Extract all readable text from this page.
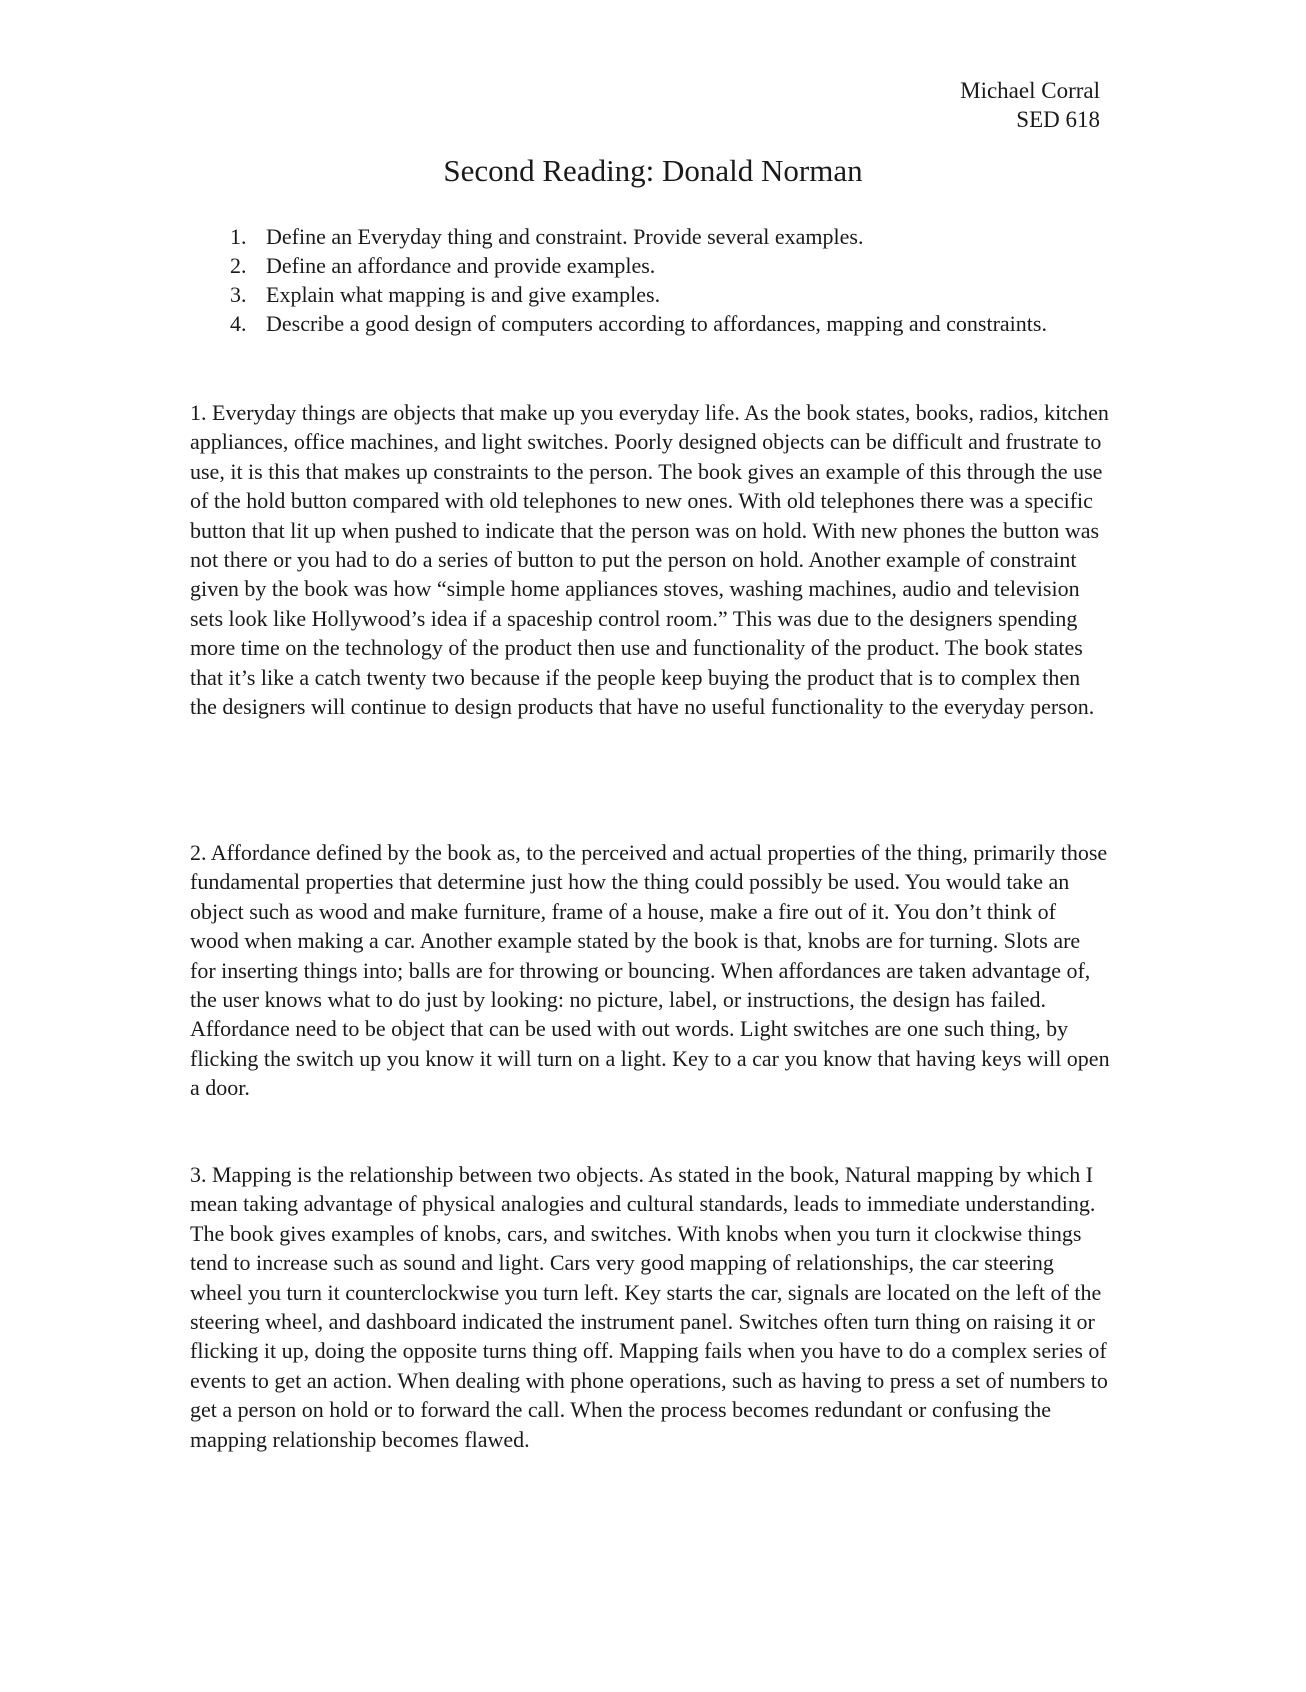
Michael Corral
SED 618
Second Reading: Donald Norman
1. Define an Everyday thing and constraint. Provide several examples.
2. Define an affordance and provide examples.
3. Explain what mapping is and give examples.
4. Describe a good design of computers according to affordances, mapping and constraints.

1. Everyday things are objects that make up you everyday life. As the book states, books, radios, kitchen appliances, office machines, and light switches. Poorly designed objects can be difficult and frustrate to use, it is this that makes up constraints to the person. The book gives an example of this through the use of the hold button compared with old telephones to new ones. With old telephones there was a specific button that lit up when pushed to indicate that the person was on hold. With new phones the button was not there or you had to do a series of button to put the person on hold. Another example of constraint given by the book was how “simple home appliances stoves, washing machines, audio and television sets look like Hollywood’s idea if a spaceship control room.” This was due to the designers spending more time on the technology of the product then use and functionality of the product. The book states that it’s like a catch twenty two because if the people keep buying the product that is to complex then the designers will continue to design products that have no useful functionality to the everyday person.

2. Affordance defined by the book as, to the perceived and actual properties of the thing, primarily those fundamental properties that determine just how the thing could possibly be used. You would take an object such as wood and make furniture, frame of a house, make a fire out of it. You don’t think of wood when making a car. Another example stated by the book is that, knobs are for turning. Slots are for inserting things into; balls are for throwing or bouncing. When affordances are taken advantage of, the user knows what to do just by looking: no picture, label, or instructions, the design has failed. Affordance need to be object that can be used with out words. Light switches are one such thing, by flicking the switch up you know it will turn on a light. Key to a car you know that having keys will open a door.

3. Mapping is the relationship between two objects. As stated in the book, Natural mapping by which I mean taking advantage of physical analogies and cultural standards, leads to immediate understanding. The book gives examples of knobs, cars, and switches. With knobs when you turn it clockwise things tend to increase such as sound and light. Cars very good mapping of relationships, the car steering wheel you turn it counterclockwise you turn left. Key starts the car, signals are located on the left of the steering wheel, and dashboard indicated the instrument panel. Switches often turn thing on raising it or flicking it up, doing the opposite turns thing off. Mapping fails when you have to do a complex series of events to get an action. When dealing with phone operations, such as having to press a set of numbers to get a person on hold or to forward the call. When the process becomes redundant or confusing the mapping relationship becomes flawed.
